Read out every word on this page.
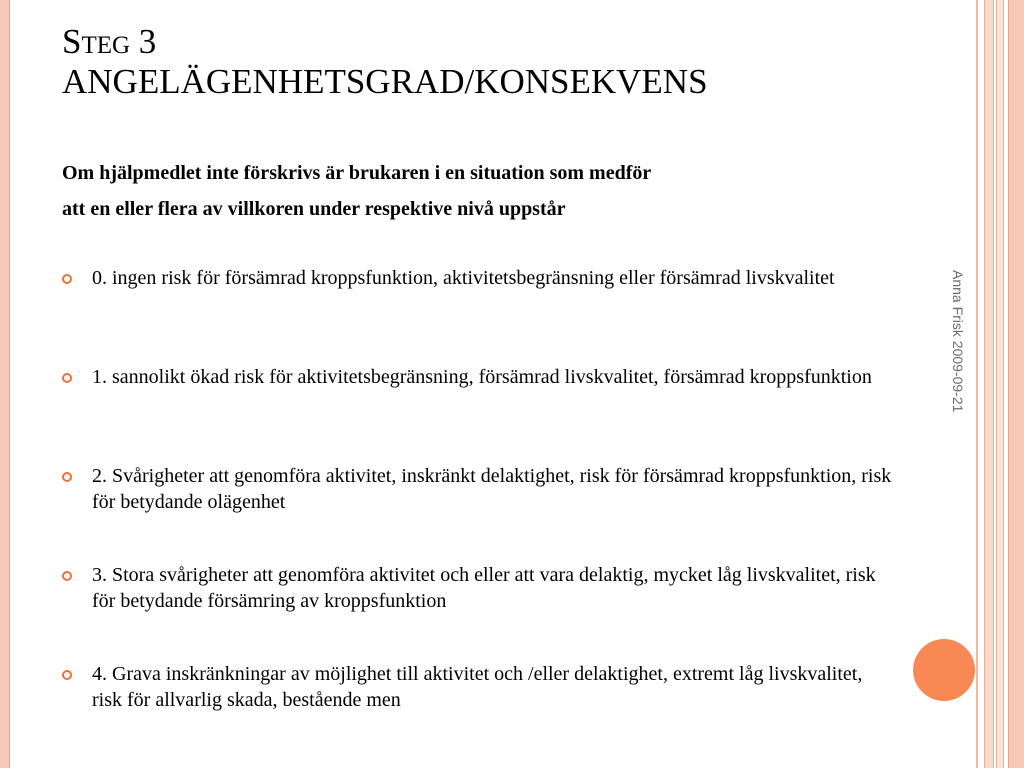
Steg 3
ANGELÄGENHETSGRAD/KONSEKVENS

Om hjälpmedlet inte förskrivs är brukaren i en situation som medför
att en eller flera av villkoren under respektive nivå uppstår

0. ingen risk för försämrad kroppsfunktion, aktivitetsbegränsning eller försämrad livskvalitet
1. sannolikt ökad risk för aktivitetsbegränsning, försämrad livskvalitet, försämrad kroppsfunktion
2. Svårigheter att genomföra aktivitet, inskränkt delaktighet, risk för försämrad kroppsfunktion, risk för betydande olägenhet
3. Stora svårigheter att genomföra aktivitet och eller att vara delaktig, mycket låg livskvalitet, risk för betydande försämring av kroppsfunktion
4. Grava inskränkningar av möjlighet till aktivitet och /eller delaktighet, extremt låg livskvalitet, risk för allvarlig skada, bestående men
Anna Frisk 2009-09-21
